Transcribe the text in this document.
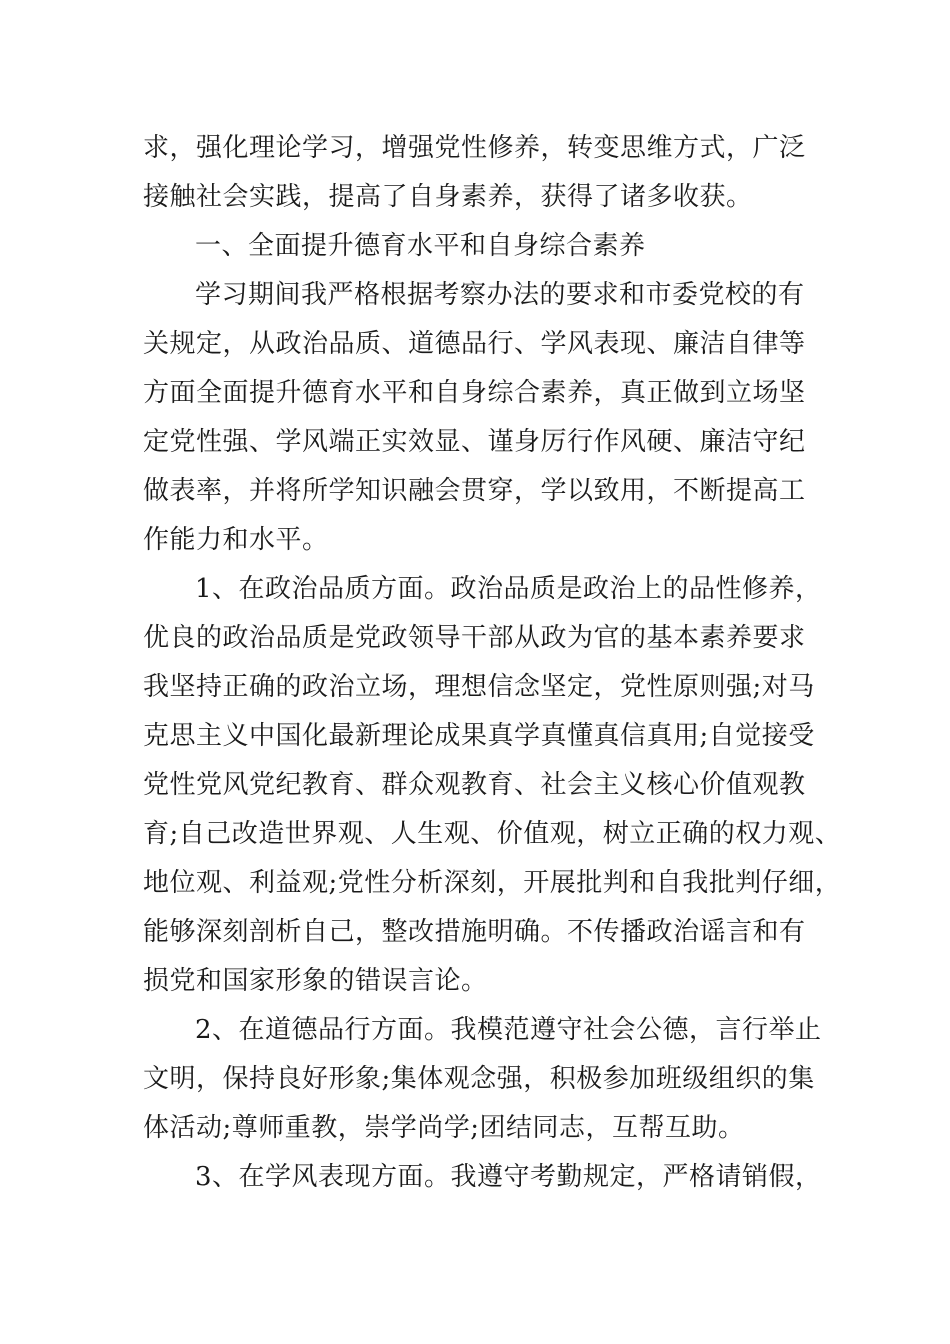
求，强化理论学习，增强党性修养，转变思维方式，广泛
接触社会实践，提高了自身素养，获得了诸多收获。
一、全面提升德育水平和自身综合素养
学习期间我严格根据考察办法的要求和市委党校的有
关规定，从政治品质、道德品行、学风表现、廉洁自律等
方面全面提升德育水平和自身综合素养，真正做到立场坚
定党性强、学风端正实效显、谨身厉行作风硬、廉洁守纪
做表率，并将所学知识融会贯穿，学以致用，不断提高工
作能力和水平。
1、在政治品质方面。政治品质是政治上的品性修养，
优良的政治品质是党政领导干部从政为官的基本素养要求
我坚持正确的政治立场，理想信念坚定，党性原则强;对马
克思主义中国化最新理论成果真学真懂真信真用;自觉接受
党性党风党纪教育、群众观教育、社会主义核心价值观教
育;自己改造世界观、人生观、价值观，树立正确的权力观、
地位观、利益观;党性分析深刻，开展批判和自我批判仔细，
能够深刻剖析自己，整改措施明确。不传播政治谣言和有
损党和国家形象的错误言论。
2、在道德品行方面。我模范遵守社会公德，言行举止
文明，保持良好形象;集体观念强，积极参加班级组织的集
体活动;尊师重教，崇学尚学;团结同志，互帮互助。
3、在学风表现方面。我遵守考勤规定，严格请销假，
